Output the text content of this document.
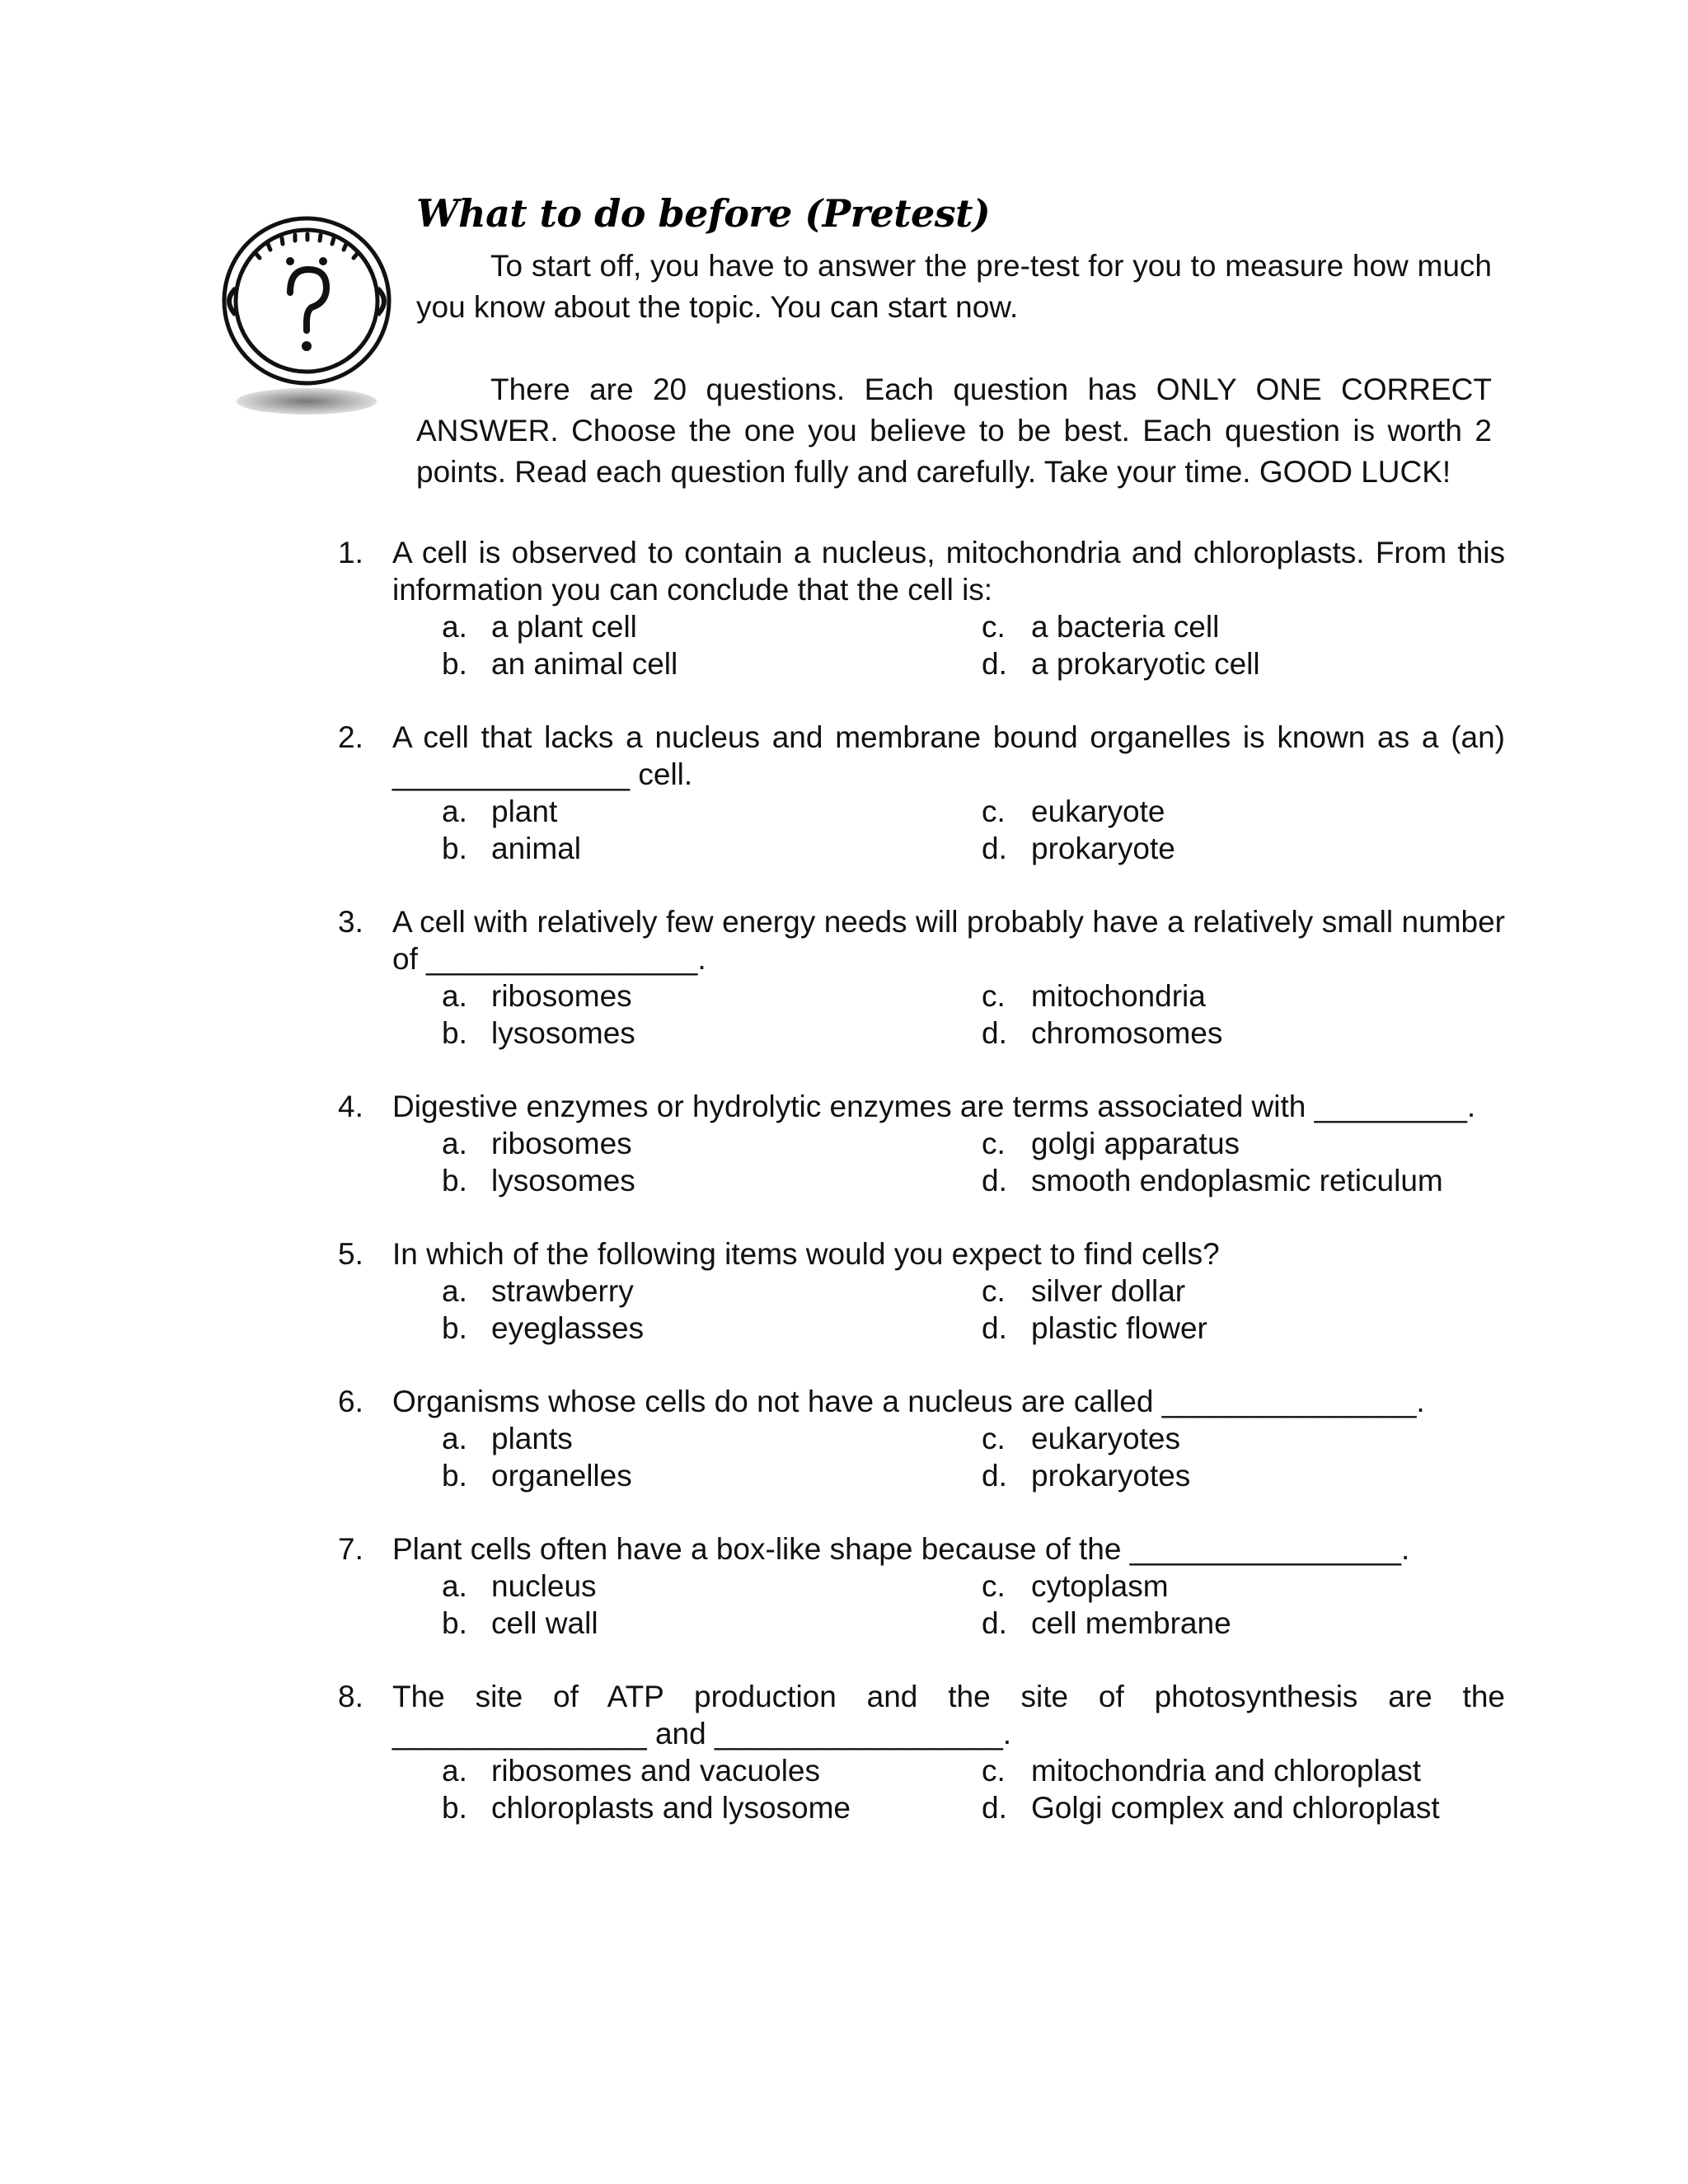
What to do before (Pretest)

To start off, you have to answer the pre-test for you to measure how much you know about the topic. You can start now.

There are 20 questions. Each question has ONLY ONE CORRECT ANSWER. Choose the one you believe to be best. Each question is worth 2 points. Read each question fully and carefully. Take your time. GOOD LUCK!

1. A cell is observed to contain a nucleus, mitochondria and chloroplasts. From this information you can conclude that the cell is:
a. a plant cell	c. a bacteria cell
b. an animal cell	d. a prokaryotic cell
2. A cell that lacks a nucleus and membrane bound organelles is known as a (an) ______________ cell.
a. plant	c. eukaryote
b. animal	d. prokaryote
3. A cell with relatively few energy needs will probably have a relatively small number of ________________.
a. ribosomes	c. mitochondria
b. lysosomes	d. chromosomes
4. Digestive enzymes or hydrolytic enzymes are terms associated with _________.
a. ribosomes	c. golgi apparatus
b. lysosomes	d. smooth endoplasmic reticulum
5. In which of the following items would you expect to find cells?
a. strawberry	c. silver dollar
b. eyeglasses	d. plastic flower
6. Organisms whose cells do not have a nucleus are called _______________.
a. plants	c. eukaryotes
b. organelles	d. prokaryotes
7. Plant cells often have a box-like shape because of the ________________.
a. nucleus	c. cytoplasm
b. cell wall	d. cell membrane
8. The site of ATP production and the site of photosynthesis are the _______________ and _________________.
a. ribosomes and vacuoles	c. mitochondria and chloroplast
b. chloroplasts and lysosome	d. Golgi complex and chloroplast
